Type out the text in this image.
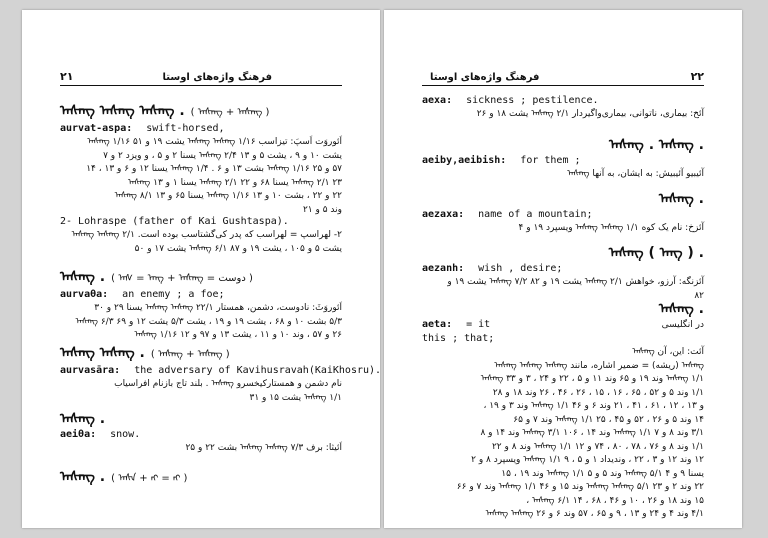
۲۱	فرهنگ واژه‌های اوستا
ᠠᠰᠠᠩ ᠠᠰᠠᠩ ᠠᠰᠠᠩ . ( ᠠᠰᠠᠩ + ᠠᠰᠠᠩ )
aurvat-aspa: swift-horsed,
اَئوروَت اَسپَ: تیزاسب ᠠᠰᠠᠩ ᠠᠰᠠᠩ ۱/۱۶ یشت ۱۹ و ۵۱ ᠠᠰᠠᠩ ۱/۱۶
یشت ۱۰ و ۹ ، یشت ۵ و ۱۳ ᠠᠰᠠᠩ ۲/۴ یسنا ۲ و ۵ ، و ویزد ۲ و ۷
۵۷ و ۲۵ ᠠᠰᠠᠩ ۱/۱۶ بشت ۱۳ و ۶ . ᠠᠰᠠᠩ ۱/۴ یسنا ۱۲ و ۶ و ۱۳ ، ۱۴
۲۳ ᠠᠰᠠᠩ ۲/۱ یسنا ۶۸ و ۲۲ ᠠᠰᠠᠩ ۲/۱ یسنا ۱ و ۱۳ ᠠᠰᠠᠩ
۲۲ و ۲۲ ، بشت ۱۰ و ۱۳ ᠠᠰᠠᠩ ۱/۱۶ یسنا ۶۵ و ۱۳ ᠠᠰᠠᠩ ۸/۱
وند ۵ و ۲۱
2- Lohraspe (father of Kai Gushtaspa).
۲- لهراسپ = لهراسب که پدر کی‌گشتاسب بوده است. ᠠᠰᠠᠩ ᠠᠰᠠᠩ ۲/۱
یشت ۵ و ۱۰۵ ، یشت ۱۹ و ۸۷ ᠠᠰᠠᠩ ۶/۱ یشت ۱۷ و ۵۰
ᠠᠰᠠᠩ . ( ᠠᠰ = ᠠᠩ + ᠠᠰᠠᠩ = دوست )
aurvaθa: an enemy ; a foe;
اَئوروَثَ: نادوست، دشمن، همستار ᠠᠰᠠᠩ ᠠᠰᠠᠩ ۲۲/۱ یسنا ۲۹ و ۳۰
۵/۳ بشت ۱۰ و ۶۸ ، یشت ۱۹ و ۱۹ ، یشت ۵/۳ یشت ۱۲ و ۶۹ ᠠᠰᠠᠩ ۶/۳
۲۶ و ۵۷ ، وند ۱۰ و ۱۱ ، یشت ۱۳ و ۹۷ و ۱۲ ᠠᠰᠠᠩ ۱/۱۶
ᠠᠰᠠᠩ ᠠᠰᠠᠩ . ( ᠠᠰᠠᠩ + ᠠᠰᠠᠩ )
aurvasāra: the adversary of Kavihusravah(KaiKhosru).
نام دشمن و همستارکیخسرو ᠠᠰᠠᠩ . بلند تاج بازنام افراسیاب
ᠠᠰᠠᠩ ۱/۱ یشت ۱۵ و ۳۱
ᠠᠰᠠᠩ .
aeiθa: snow.
اَئیثا: برف ᠠᠰᠠᠩ ᠠᠰᠠᠩ ۷/۳ بشت ۲۲ و ۲۵
ᠠᠰᠠᠩ . ( ᠠᠰᠠ + ᠩ = ᠩ )
فرهنگ واژه‌های اوستا	۲۲
aexa: sickness ; pestilence.
آئخ: بیماری، ناتوانی، بیماری‌واگیردار ᠠᠰᠠᠩ ۲/۱ یشت ۱۸ و ۲۶
ᠠᠰᠠᠩ . ᠠᠰᠠᠩ .
aeiby,aeibish: for them ;
آئیبیو آئیبیش: به ایشان، به آنها ᠠᠰᠠᠩ
ᠠᠰᠠᠩ .
aezaxa: name of a mountain;
آئزخ: نام یک کوه ᠠᠰᠠᠩ ᠠᠰᠠᠩ ۱/۱ ویسپرد ۱۹ و ۴
ᠠᠰᠠᠩ ( ᠠᠩ ) .
aezanh: wish , desire;
آئزنگه: آرزو، خواهش ᠠᠰᠠᠩ ۲/۱ یشت ۱۹ و ۸۲ ᠠᠰᠠᠩ ۷/۲ یشت ۱۹ و
۸۲
ᠠᠰᠠᠩ .
aeta: = it	در انگلیسی
this ; that;
آئت: این، آن ᠠᠰᠠᠩ
ᠠᠰᠠᠩ (ریشه) = ضمیر اشاره، مانند ᠠᠰᠠᠩ ᠠᠰᠠᠩ ᠠᠰᠠᠩ
ᠠᠰᠠᠩ ۱/۱ وند ۱۹ و ۶۵ وند ۱۱ و ۵ ، ۲۲ و ۲۴ ، ۳ و ۳۳ ᠠᠰᠠᠩ
۱/۱ وند ۵ و ۵۲ ، ۶۵ ، ۱۶ ، ۱۵ ، ۲۶ ، ۴۶ ، ۲۶ وند ۱۸ و ۲۸
و ۱۳ ، ۱۲ ، ۶۱ ، ۴۱ ، ۲۱ وند ۶ و ۴۶ ᠠᠰᠠᠩ ۱/۱ وند ۳ و ۱۹ ،
۱۴ وند ۵ و ۲۶ ، ۵۲ و ۴۵ ، ۲۵ ᠠᠰᠠᠩ ۱/۱ وند ۷ و ۶۵
۳/۱ وند ۸ و ۷ ᠠᠰᠠᠩ ۱/۱ وند ۱۴ ، ۱۰۶ ᠠᠰᠠᠩ ۳/۱ وند ۱۴ و ۸
۱/۱ وند ۸ و ۷۶ ، ۷۸ ، ۸۰ ، ۷۴ و ۱۲ ᠠᠰᠠᠩ ۱/۱ وند ۸ و ۲۲
۱۲ وند ۱۲ و ۳ ، ۲۲ ، وندیداد ۱ و ۵ ، ۹ ᠠᠰᠠᠩ ۱/۱ ویسپرد ۸ و ۲
یسنا ۹ و ۴ ᠠᠰᠠᠩ ۵/۱ وند ۵ و ۵ ᠠᠰᠠᠩ ۱/۱ وند ۱۹ ، ۱۵
۲۲ وند ۲ و ۲۳ ᠠᠰᠠᠩ ᠠᠰᠠᠩ ۵/۱ وند ۱۵ و ۴۶ ᠠᠰᠠᠩ ۱/۱ وند ۷ و ۶۶
۱۵ وند ۱۸ و ۲۶ ، ۱۰ و ۴۶ ، ۶۸ ، ۱۴ ᠠᠰᠠᠩ ۶/۱ ،
۴/۱ وند ۴ و ۲۴ و ۱۳ ، ۹ و ۶۵ ، ۵۷ وند ۶ و ۲۶ ᠠᠰᠠᠩ ᠠᠰᠠᠩ
